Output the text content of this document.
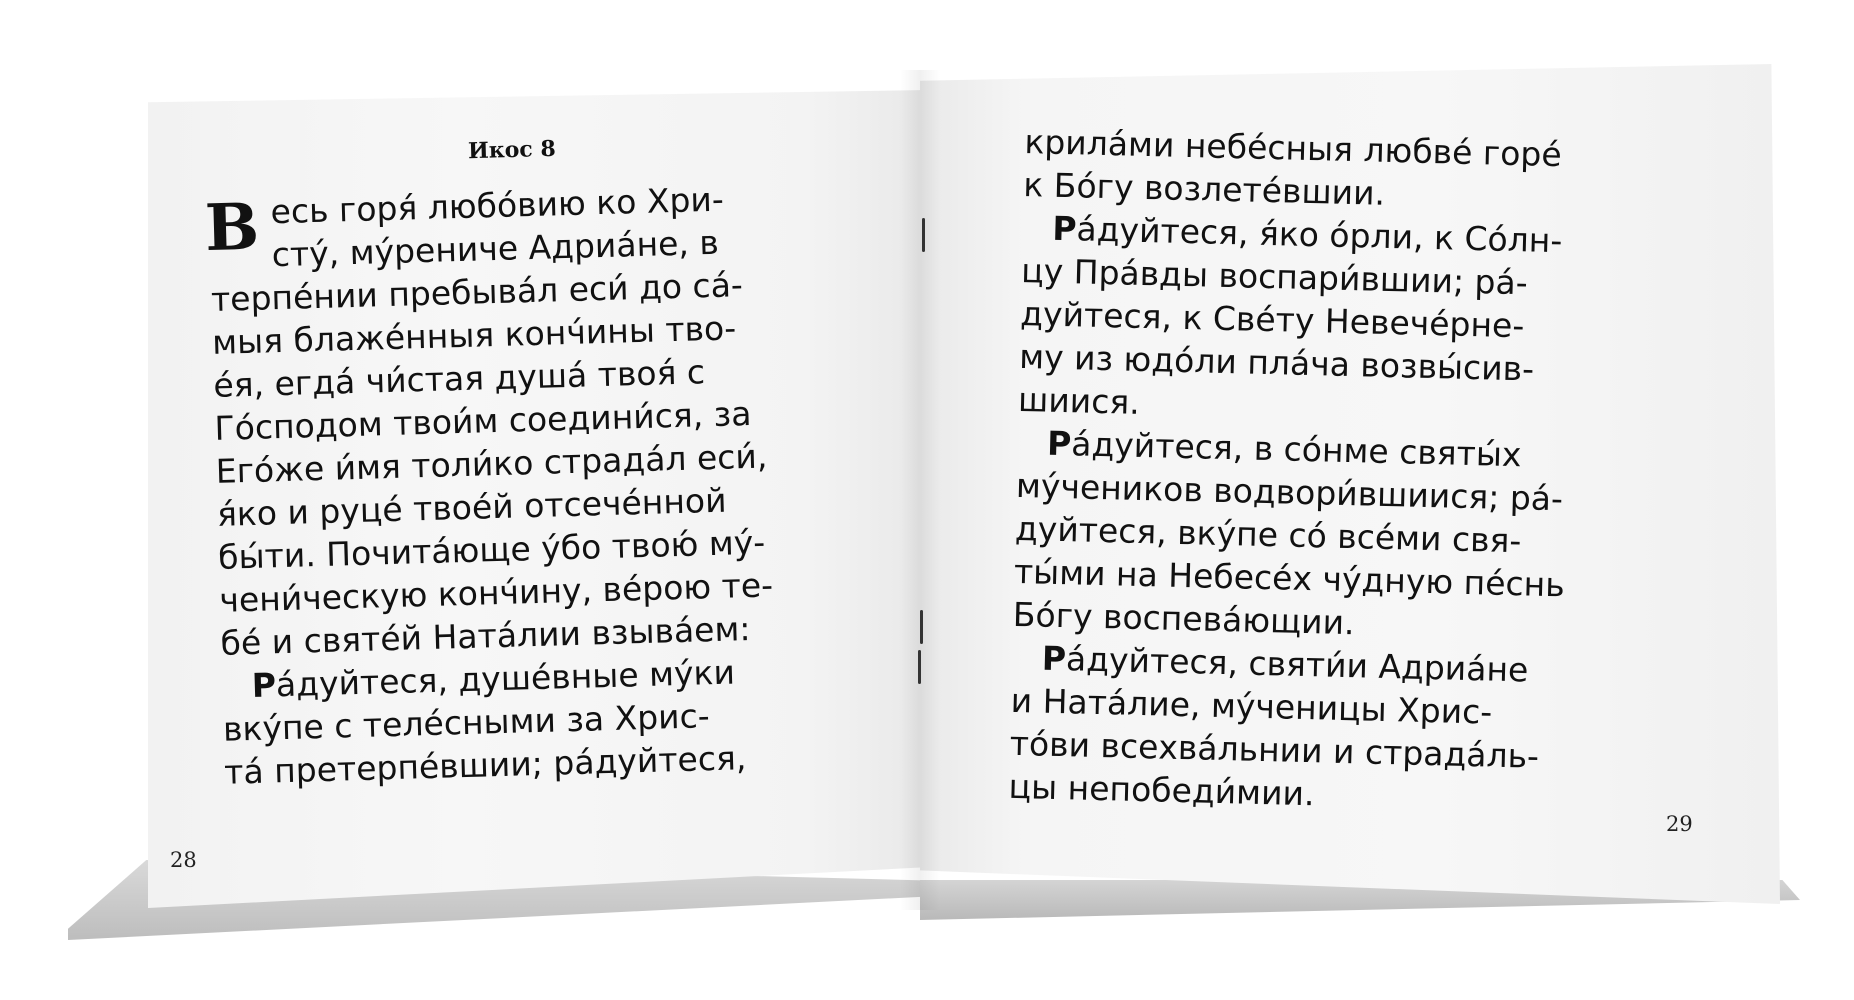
Икос 8
В есь горя́ любо́вию ко Хри-
сту́, му́рениче Адриа́не, в
терпе́нии пребыва́л еси́ до са́-
мыя блаже́нныя конч́ины тво-
е́я, егда́ чи́стая душа́ твоя́ с
Го́сподом твои́м соедини́ся, за
Его́же и́мя толи́ко страда́л еси́,
я́ко и руце́ твое́й отсече́нной
бы́ти. Почита́юще у́бо твою́ му́-
чени́ческую конч́ину, ве́рою те-
бе́ и святе́й Ната́лии взыва́ем:
Ра́дуйтеся, душе́вные му́ки
вку́пе с теле́сными за Хрис-
та́ претерпе́вшии; ра́дуйтеся,
крила́ми небе́сныя любве́ горе́
к Бо́гу возлете́вшии.
Ра́дуйтеся, я́ко о́рли, к Со́лн-
цу Пра́вды воспари́вшии; ра́-
дуйтеся, к Све́ту Невече́рне-
му из юдо́ли пла́ча возвы́сив-
шиися.
Ра́дуйтеся, в со́нме святы́х
му́чеников водвори́вшиися; ра́-
дуйтеся, вку́пе со́ все́ми свя-
ты́ми на Небесе́х чу́дную пе́снь
Бо́гу воспева́ющии.
Ра́дуйтеся, святи́и Адриа́не
и Ната́лие, му́ченицы Хрис-
то́ви всехва́льнии и страда́ль-
цы непобеди́мии.
28
29
